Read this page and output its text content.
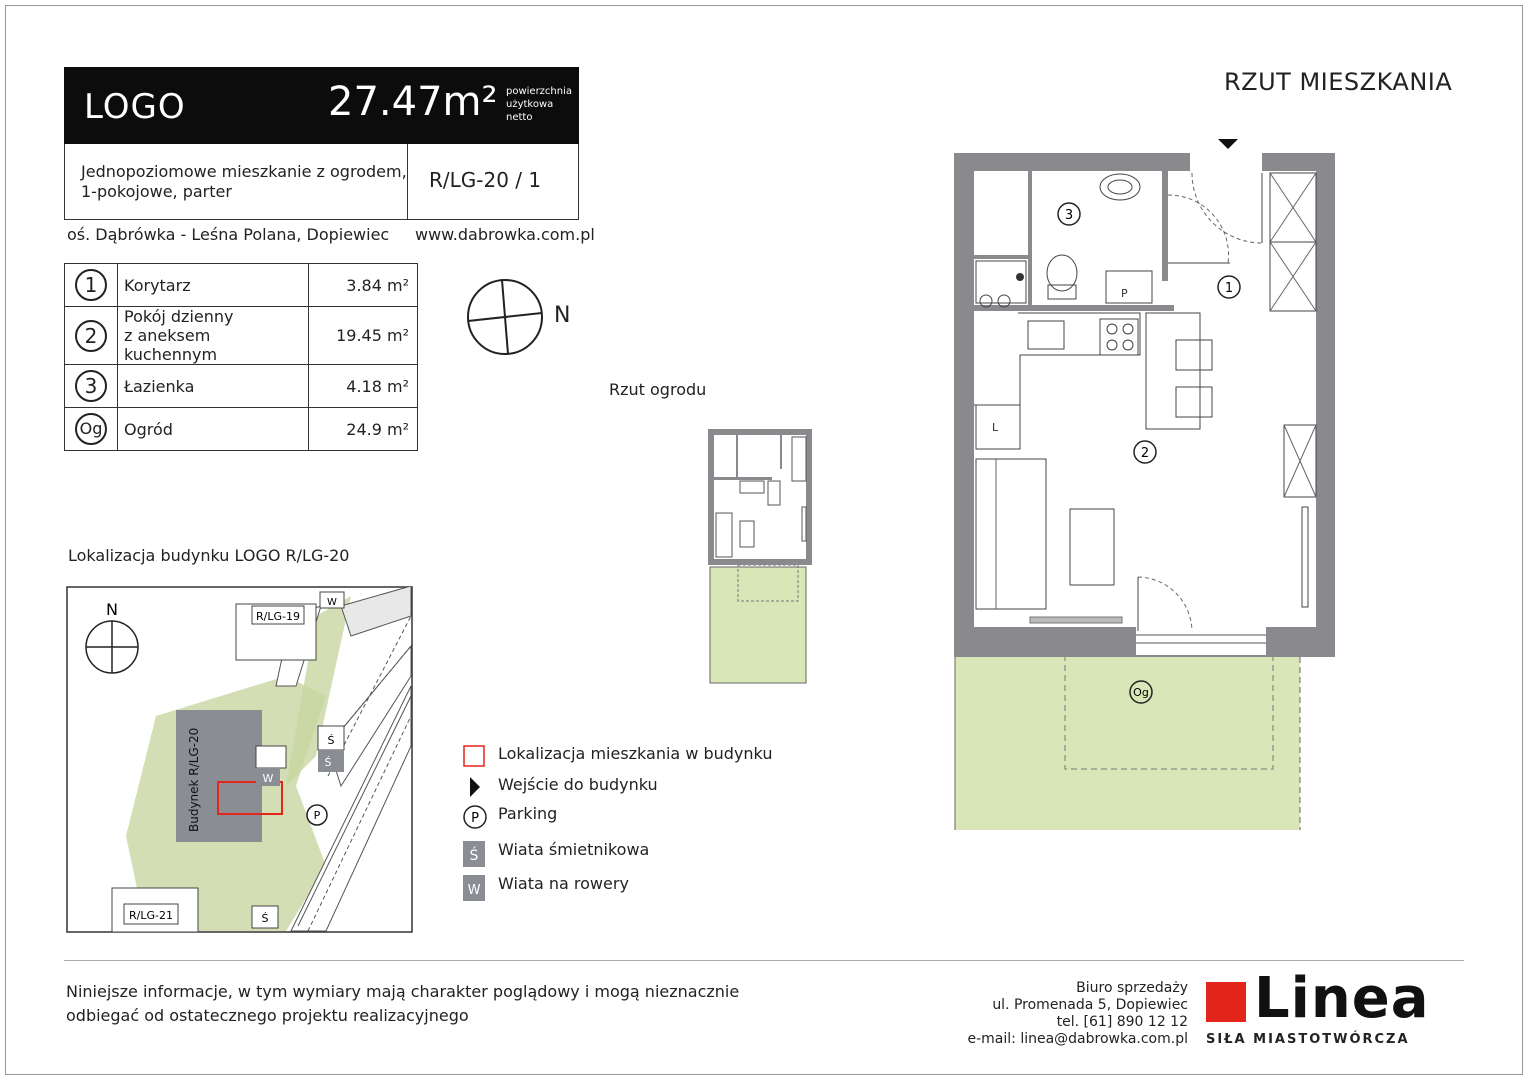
LOGO	27.47m² powierzchnia
użytkowa
netto
Jednopoziomowe mieszkanie z ogrodem,
1-pokojowe, parter	R/LG-20 / 1
oś. Dąbrówka - Leśna Polana, Dopiewiec www.dabrowka.com.pl
1	Korytarz	3.84 m²
2	Pokój dzienny
z aneksem kuchennym	19.45 m²
3	Łazienka	4.18 m²
Og	Ogród	24.9 m²
N
RZUT MIESZKANIA
Rzut ogrodu
Lokalizacja budynku LOGO R/LG-20
P
L
3
1
2
Og
R/LG-19
W
Budynek R/LG-20	W
Ś
Ś
P
R/LG-21	Ś
N
Lokalizacja mieszkania w budynku
Wejście do budynku
P Parking
Ś Wiata śmietnikowa
W Wiata na rowery
Niniejsze informacje, w tym wymiary mają charakter poglądowy i mogą nieznacznie
odbiegać od ostatecznego projektu realizacyjnego
Biuro sprzedaży
ul. Promenada 5, Dopiewiec
tel. [61] 890 12 12
e-mail: linea@dabrowka.com.pl
Linea
SIŁA MIASTOTWÓRCZA
